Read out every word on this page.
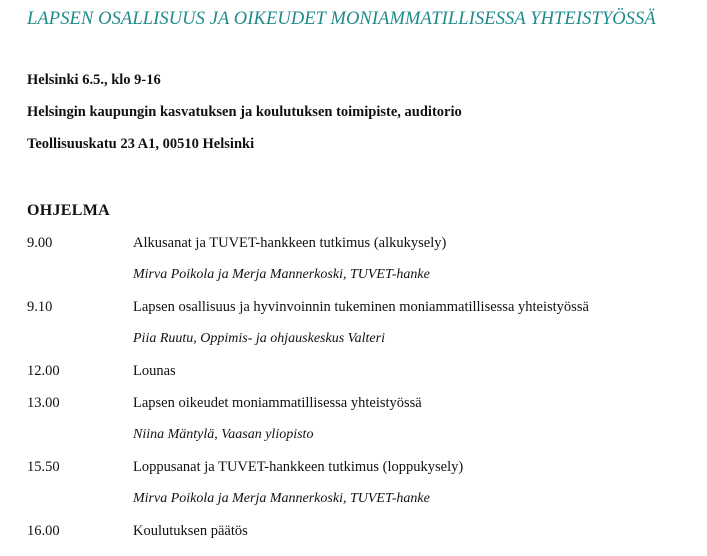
LAPSEN OSALLISUUS JA OIKEUDET MONIAMMATILLISESSA YHTEISTYÖSSÄ
Helsinki 6.5., klo 9-16
Helsingin kaupungin kasvatuksen ja koulutuksen toimipiste, auditorio
Teollisuuskatu 23 A1, 00510 Helsinki
OHJELMA
9.00	Alkusanat ja TUVET-hankkeen tutkimus (alkukysely)
Mirva Poikola ja Merja Mannerkoski, TUVET-hanke
9.10	Lapsen osallisuus ja hyvinvoinnin tukeminen moniammatillisessa yhteistyössä
Piia Ruutu, Oppimis- ja ohjauskeskus Valteri
12.00	Lounas
13.00	Lapsen oikeudet moniammatillisessa yhteistyössä
Niina Mäntylä, Vaasan yliopisto
15.50	Loppusanat ja TUVET-hankkeen tutkimus (loppukysely)
Mirva Poikola ja Merja Mannerkoski, TUVET-hanke
16.00	Koulutuksen päätös
